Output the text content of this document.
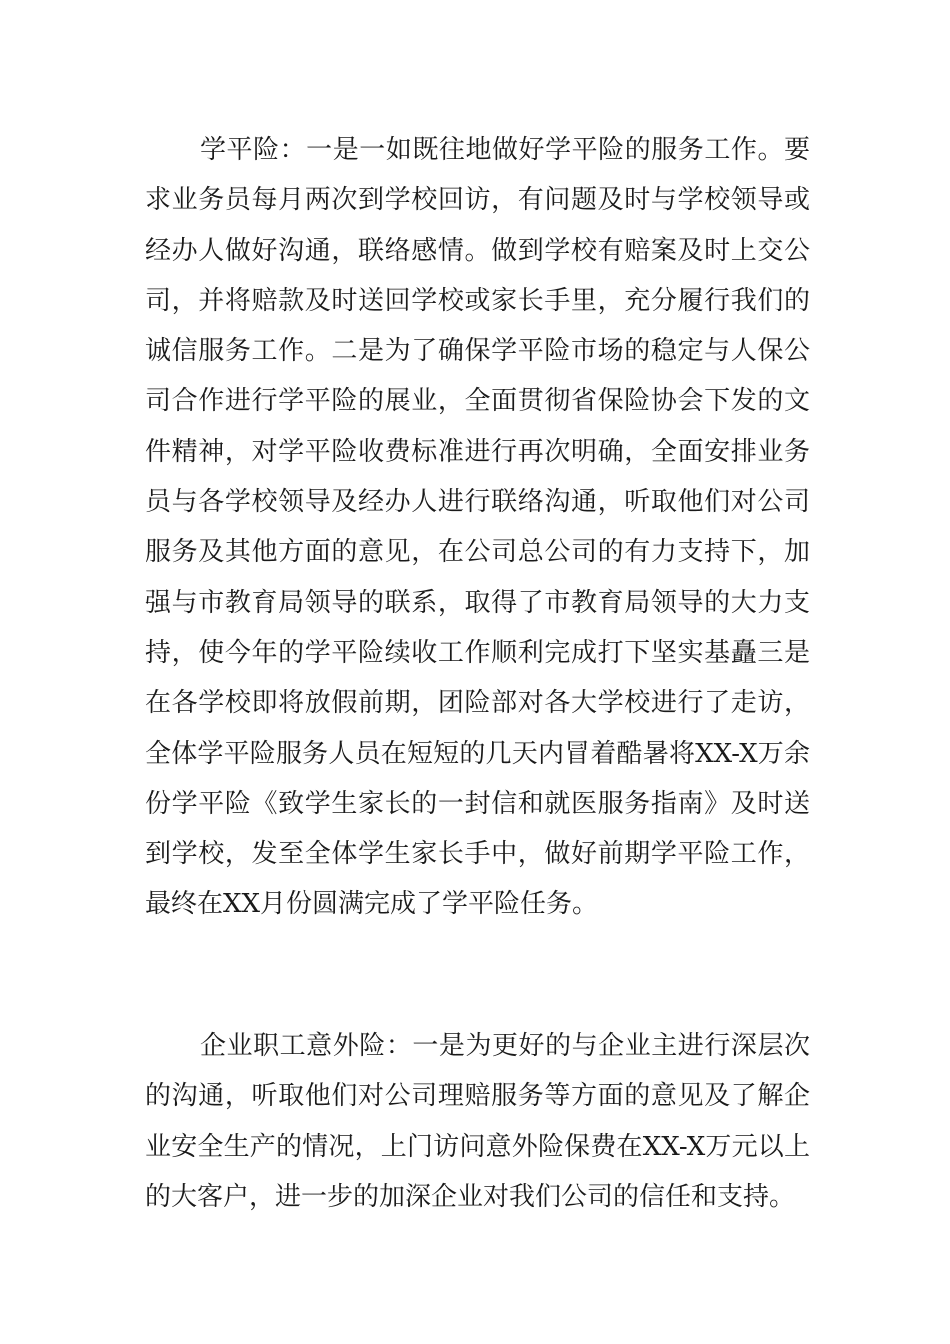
学平险：一是一如既往地做好学平险的服务工作。要求业务员每月两次到学校回访，有问题及时与学校领导或经办人做好沟通，联络感情。做到学校有赔案及时上交公司，并将赔款及时送回学校或家长手里，充分履行我们的诚信服务工作。二是为了确保学平险市场的稳定与人保公司合作进行学平险的展业，全面贯彻省保险协会下发的文件精神，对学平险收费标准进行再次明确，全面安排业务员与各学校领导及经办人进行联络沟通，听取他们对公司服务及其他方面的意见，在公司总公司的有力支持下，加强与市教育局领导的联系，取得了市教育局领导的大力支持，使今年的学平险续收工作顺利完成打下坚实基矗三是在各学校即将放假前期，团险部对各大学校进行了走访，全体学平险服务人员在短短的几天内冒着酷暑将XX-X万余份学平险《致学生家长的一封信和就医服务指南》及时送到学校，发至全体学生家长手中，做好前期学平险工作，最终在XX月份圆满完成了学平险任务。

企业职工意外险：一是为更好的与企业主进行深层次的沟通，听取他们对公司理赔服务等方面的意见及了解企业安全生产的情况，上门访问意外险保费在XX-X万元以上的大客户，进一步的加深企业对我们公司的信任和支持。
